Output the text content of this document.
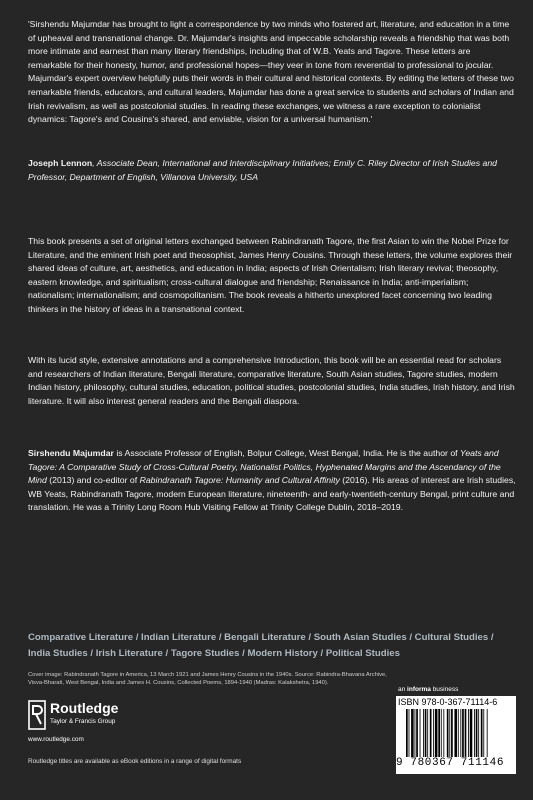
'Sirshendu Majumdar has brought to light a correspondence by two minds who fostered art, literature, and education in a time of upheaval and transnational change. Dr. Majumdar's insights and impeccable scholarship reveals a friendship that was both more intimate and earnest than many literary friendships, including that of W.B. Yeats and Tagore. These letters are remarkable for their honesty, humor, and professional hopes—they veer in tone from reverential to professional to jocular. Majumdar's expert overview helpfully puts their words in their cultural and historical contexts. By editing the letters of these two remarkable friends, educators, and cultural leaders, Majumdar has done a great service to students and scholars of Indian and Irish revivalism, as well as postcolonial studies. In reading these exchanges, we witness a rare exception to colonialist dynamics: Tagore's and Cousins's shared, and enviable, vision for a universal humanism.'

Joseph Lennon, Associate Dean, International and Interdisciplinary Initiatives; Emily C. Riley Director of Irish Studies and Professor, Department of English, Villanova University, USA

This book presents a set of original letters exchanged between Rabindranath Tagore, the first Asian to win the Nobel Prize for Literature, and the eminent Irish poet and theosophist, James Henry Cousins. Through these letters, the volume explores their shared ideas of culture, art, aesthetics, and education in India; aspects of Irish Orientalism; Irish literary revival; theosophy, eastern knowledge, and spiritualism; cross-cultural dialogue and friendship; Renaissance in India; anti-imperialism; nationalism; internationalism; and cosmopolitanism. The book reveals a hitherto unexplored facet concerning two leading thinkers in the history of ideas in a transnational context.

With its lucid style, extensive annotations and a comprehensive Introduction, this book will be an essential read for scholars and researchers of Indian literature, Bengali literature, comparative literature, South Asian studies, Tagore studies, modern Indian history, philosophy, cultural studies, education, political studies, postcolonial studies, India studies, Irish history, and Irish literature. It will also interest general readers and the Bengali diaspora.

Sirshendu Majumdar is Associate Professor of English, Bolpur College, West Bengal, India. He is the author of Yeats and Tagore: A Comparative Study of Cross-Cultural Poetry, Nationalist Politics, Hyphenated Margins and the Ascendancy of the Mind (2013) and co-editor of Rabindranath Tagore: Humanity and Cultural Affinity (2016). His areas of interest are Irish studies, WB Yeats, Rabindranath Tagore, modern European literature, nineteenth- and early-twentieth-century Bengal, print culture and translation. He was a Trinity Long Room Hub Visiting Fellow at Trinity College Dublin, 2018–2019.

Comparative Literature / Indian Literature / Bengali Literature / South Asian Studies / Cultural Studies / India Studies / Irish Literature / Tagore Studies / Modern History / Political Studies
Cover image: Rabindranath Tagore in America, 13 March 1921 and James Henry Cousins in the 1940s. Source: Rabindra-Bhavana Archive, Visva-Bharati, West Bengal, India and James H. Cousins, Collected Poems, 1894-1940 (Madras: Kalakshetra, 1940).
Routledge
Taylor & Francis Group
www.routledge.com
an informa business
ISBN 978-0-367-71114-6
9 780367 711146
Routledge titles are available as eBook editions in a range of digital formats
